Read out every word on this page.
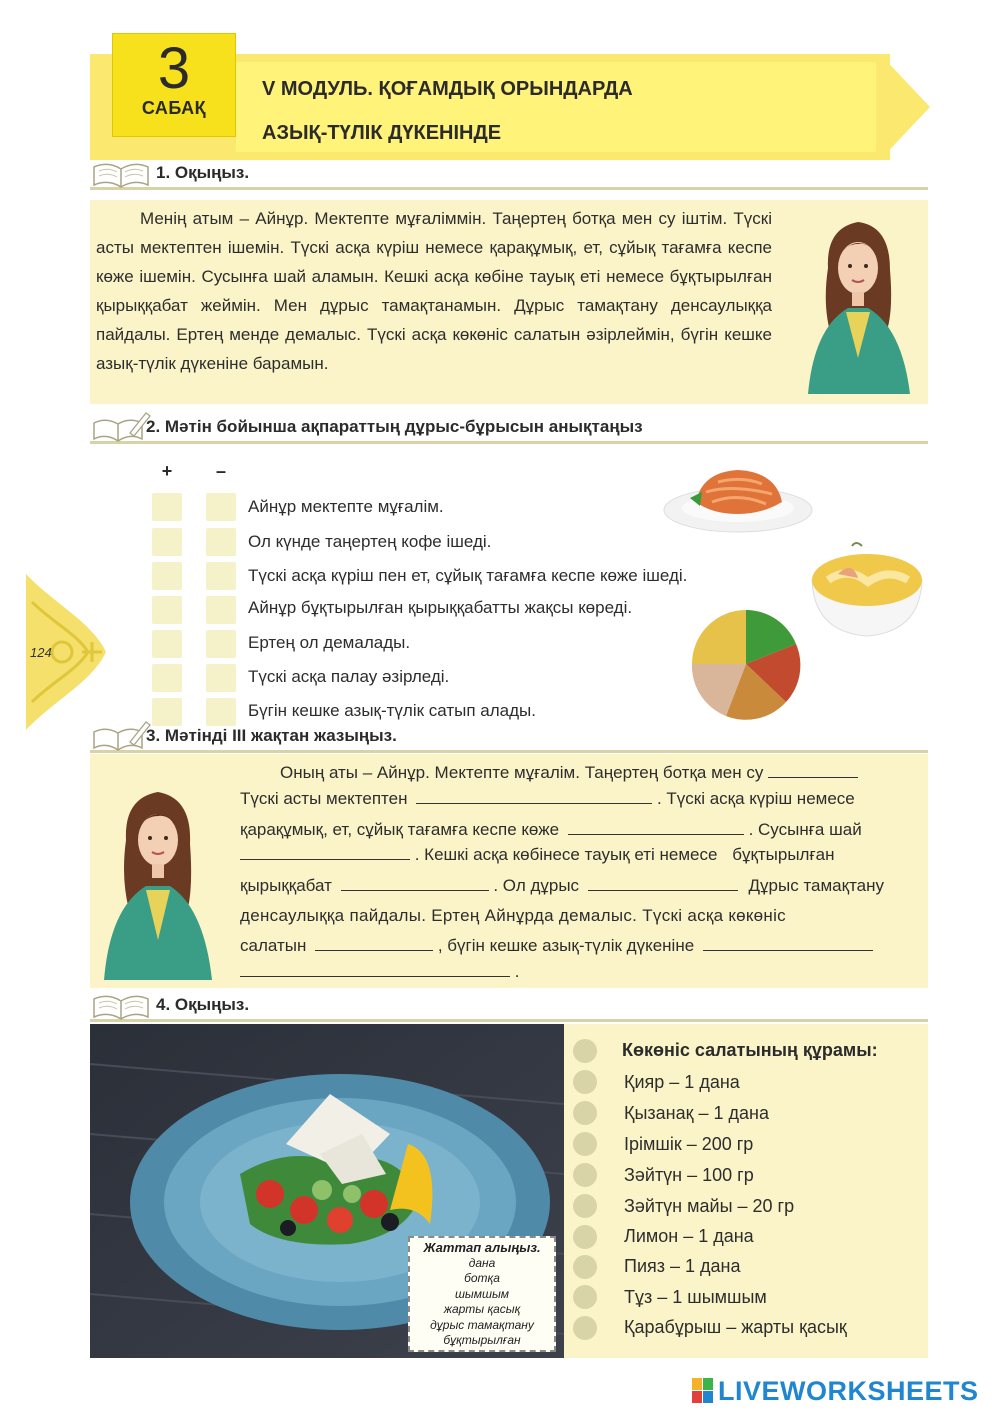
3
САБАҚ
V МОДУЛЬ. ҚОҒАМДЫҚ ОРЫНДАРДА
АЗЫҚ-ТҮЛІК ДҮКЕНІНДЕ
124
1. Оқыңыз.
Менің атым – Айнұр. Мектепте мұғаліммін. Таңертең ботқа мен су іштім. Түскі асты мектептен ішемін. Түскі асқа күріш немесе қарақұмық, ет, сұйық тағамға кеспе көже ішемін. Сусынға шай аламын. Кешкі асқа көбіне тауық еті немесе бұқтырылған қырыққабат жеймін. Мен дұрыс тамақтанамын. Дұрыс тамақтану денсаулыққа пайдалы. Ертең менде демалыс. Түскі асқа көкөніс салатын әзірлеймін, бүгін кешке азық-түлік дүкеніне барамын.
2. Мәтін бойынша ақпараттың дұрыс-бұрысын анықтаңыз
+	–
Айнұр мектепте мұғалім.
Ол күнде таңертең кофе ішеді.
Түскі асқа күріш пен ет, сұйық тағамға кеспе көже ішеді.
Айнұр бұқтырылған қырыққабатты жақсы көреді.
Ертең ол демалады.
Түскі асқа палау әзірледі.
Бүгін кешке азық-түлік сатып алады.
3. Мәтінді ІІІ жақтан жазыңыз.
Оның аты – Айнұр. Мектепте мұғалім. Таңертең ботқа мен су
Түскі асты мектептен	. Түскі асқа күріш немесе
қарақұмық, ет, сұйық тағамға кеспе көже	. Сусынға шай
. Кешкі асқа көбінесе тауық еті немесе бұқтырылған
қырыққабат	. Ол дұрыс	Дұрыс тамақтану
денсаулыққа пайдалы. Ертең Айнұрда демалыс. Түскі асқа көкөніс
салатын	, бүгін кешке азық-түлік дүкеніне
.
4. Оқыңыз.
Жаттап алыңыз.
дана
ботқа
шымшым
жарты қасық
дұрыс тамақтану
бұқтырылған
Көкөніс салатының құрамы:
Қияр – 1 дана
Қызанақ – 1 дана
Ірімшік – 200 гр
Зәйтүн – 100 гр
Зәйтүн майы – 20 гр
Лимон – 1 дана
Пияз – 1 дана
Тұз – 1 шымшым
Қарабұрыш – жарты қасық
LIVEWORKSHEETS
